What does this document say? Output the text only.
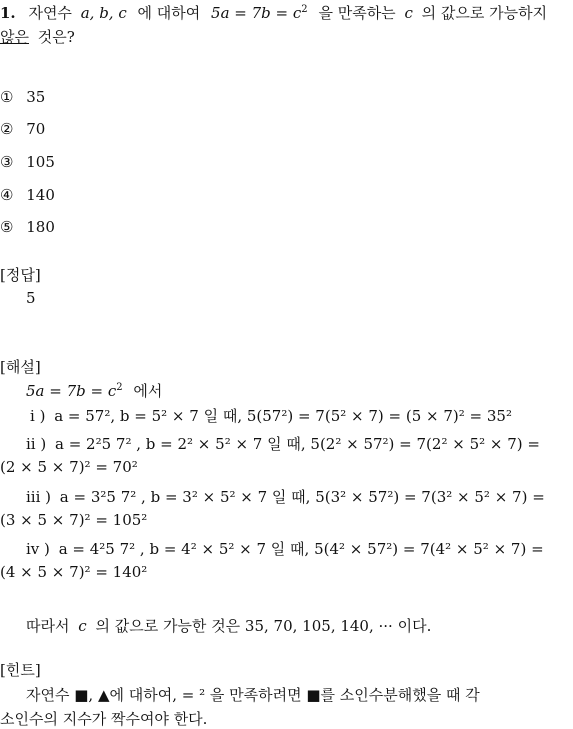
1. 자연수 a, b, c 에 대하여 $5a = 7b = c^2$ 을 만족하는 c 의 값으로 가능하지
않은 것은?
① 35
② 70
③ 105
④ 140
⑤ 180
[정답]
5
[해설]
$5a = 7b = c^2$ 에서
i ) a = 57², b = 5² × 7 일 때, 5(57²) = 7(5² × 7) = (5 × 7)² = 35²
ii ) a = 2²5 7² , b = 2² × 5² × 7 일 때, 5(2² × 57²) = 7(2² × 5² × 7) =
(2 × 5 × 7)² = 70²
iii ) a = 3²5 7² , b = 3² × 5² × 7 일 때, 5(3² × 57²) = 7(3² × 5² × 7) =
(3 × 5 × 7)² = 105²
iv ) a = 4²5 7² , b = 4² × 5² × 7 일 때, 5(4² × 57²) = 7(4² × 5² × 7) =
(4 × 5 × 7)² = 140²
따라서 c 의 값으로 가능한 것은 35, 70, 105, 140, ··· 이다.
[힌트]
자연수 ■, ▲에 대하여, = ² 을 만족하려면 ■를 소인수분해했을 때 각
소인수의 지수가 짝수여야 한다.
